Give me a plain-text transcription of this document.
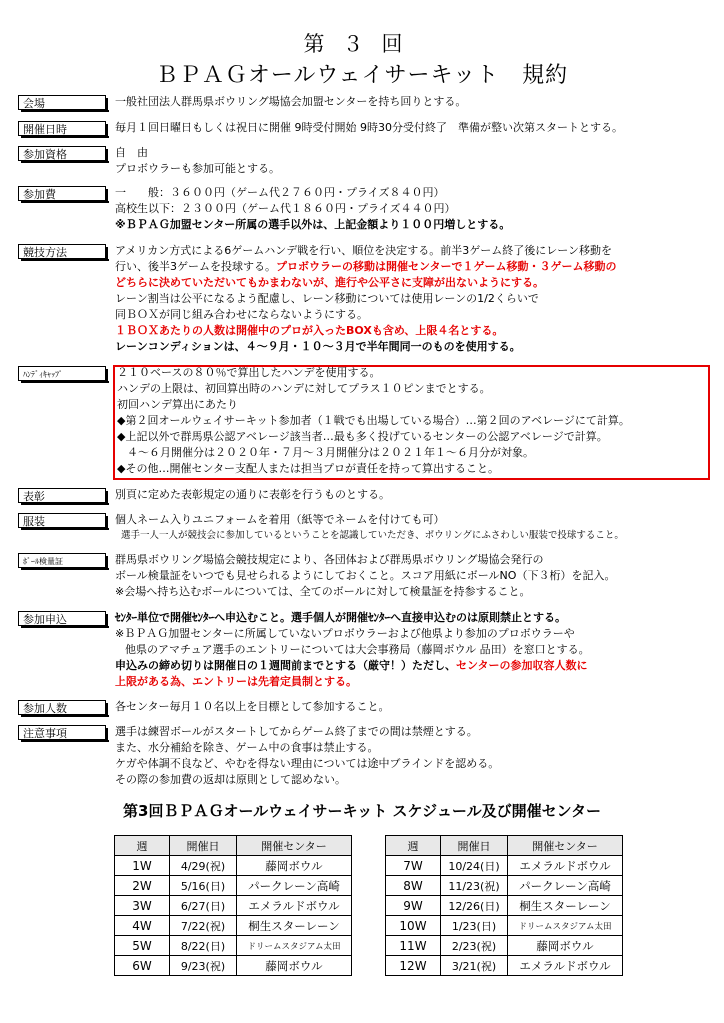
第３回
ＢＰＡＧオールウェイサーキット　規約
会場	一般社団法人群馬県ボウリング場協会加盟センターを持ち回りとする。

開催日時	毎月１回日曜日もしくは祝日に開催 9時受付開始 9時30分受付終了　準備が整い次第スタートとする。

参加資格	自　由

プロボウラーも参加可能とする。

参加費	一　　般：３６００円（ゲーム代２７６０円・プライズ８４０円）

高校生以下：２３００円（ゲーム代１８６０円・プライズ４４０円）

※ＢＰＡＧ加盟センター所属の選手以外は、上記金額より１００円増しとする。

競技方法	アメリカン方式による6ゲームハンデ戦を行い、順位を決定する。前半3ゲーム終了後にレーン移動を

行い、後半3ゲームを投球する。プロボウラーの移動は開催センターで１ゲーム移動・３ゲーム移動の

どちらに決めていただいてもかまわないが、進行や公平さに支障が出ないようにする。

レーン割当は公平になるよう配慮し、レーン移動については使用レーンの1/2くらいで

同ＢＯＸが同じ組み合わせにならないようにする。

１ＢＯＸあたりの人数は開催中のプロが入ったBOXも含め、上限４名とする。

レーンコンディションは、４～９月・１０～３月で半年間同一のものを使用する。

ﾊﾝﾃﾞｨｷｬｯﾌﾟ	２１０ベースの８０％で算出したハンデを使用する。

ハンデの上限は、初回算出時のハンデに対してプラス１０ピンまでとする。

初回ハンデ算出にあたり

◆第２回オールウェイサーキット参加者（１戦でも出場している場合）…第２回のアベレージにて計算。

◆上記以外で群馬県公認アベレージ該当者…最も多く投げているセンターの公認アベレージで計算。

４～６月開催分は２０２０年・７月～３月開催分は２０２１年１～６月分が対象。

◆その他…開催センター支配人または担当プロが責任を持って算出すること。

表彰	別頁に定めた表彰規定の通りに表彰を行うものとする。

服装	個人ネーム入りユニフォームを着用（紙等でネームを付けても可）

選手一人一人が競技会に参加しているということを認識していただき、ボウリングにふさわしい服装で投球すること。

ﾎﾞｰﾙ検量証	群馬県ボウリング場協会競技規定により、各団体および群馬県ボウリング場協会発行の

ボール検量証をいつでも見せられるようにしておくこと。スコア用紙にボールNO（下３桁）を記入。

※会場へ持ち込むボールについては、全てのボールに対して検量証を持参すること。

参加申込	ｾﾝﾀｰ単位で開催ｾﾝﾀｰへ申込むこと。選手個人が開催ｾﾝﾀｰへ直接申込むのは原則禁止とする。

※ＢＰＡＧ加盟センターに所属していないプロボウラーおよび他県より参加のプロボウラーや

他県のアマチュア選手のエントリーについては大会事務局（藤岡ボウル 品田）を窓口とする。

申込みの締め切りは開催日の１週間前までとする（厳守！）ただし、センターの参加収容人数に

上限がある為、エントリーは先着定員制とする。

参加人数	各センター毎月１０名以上を目標として参加すること。

注意事項	選手は練習ボールがスタートしてからゲーム終了までの間は禁煙とする。

また、水分補給を除き、ゲーム中の食事は禁止する。

ケガや体調不良など、やむを得ない理由については途中ブラインドを認める。

その際の参加費の返却は原則として認めない。

第3回ＢＰＡＧオールウェイサーキット スケジュール及び開催センター
週	開催日	開催センター
1W	4/29(祝)	藤岡ボウル
2W	5/16(日)	パークレーン高崎
3W	6/27(日)	エメラルドボウル
4W	7/22(祝)	桐生スターレーン
5W	8/22(日)	ドリームスタジアム太田
6W	9/23(祝)	藤岡ボウル
週	開催日	開催センター
7W	10/24(日)	エメラルドボウル
8W	11/23(祝)	パークレーン高崎
9W	12/26(日)	桐生スターレーン
10W	1/23(日)	ドリームスタジアム太田
11W	2/23(祝)	藤岡ボウル
12W	3/21(祝)	エメラルドボウル
